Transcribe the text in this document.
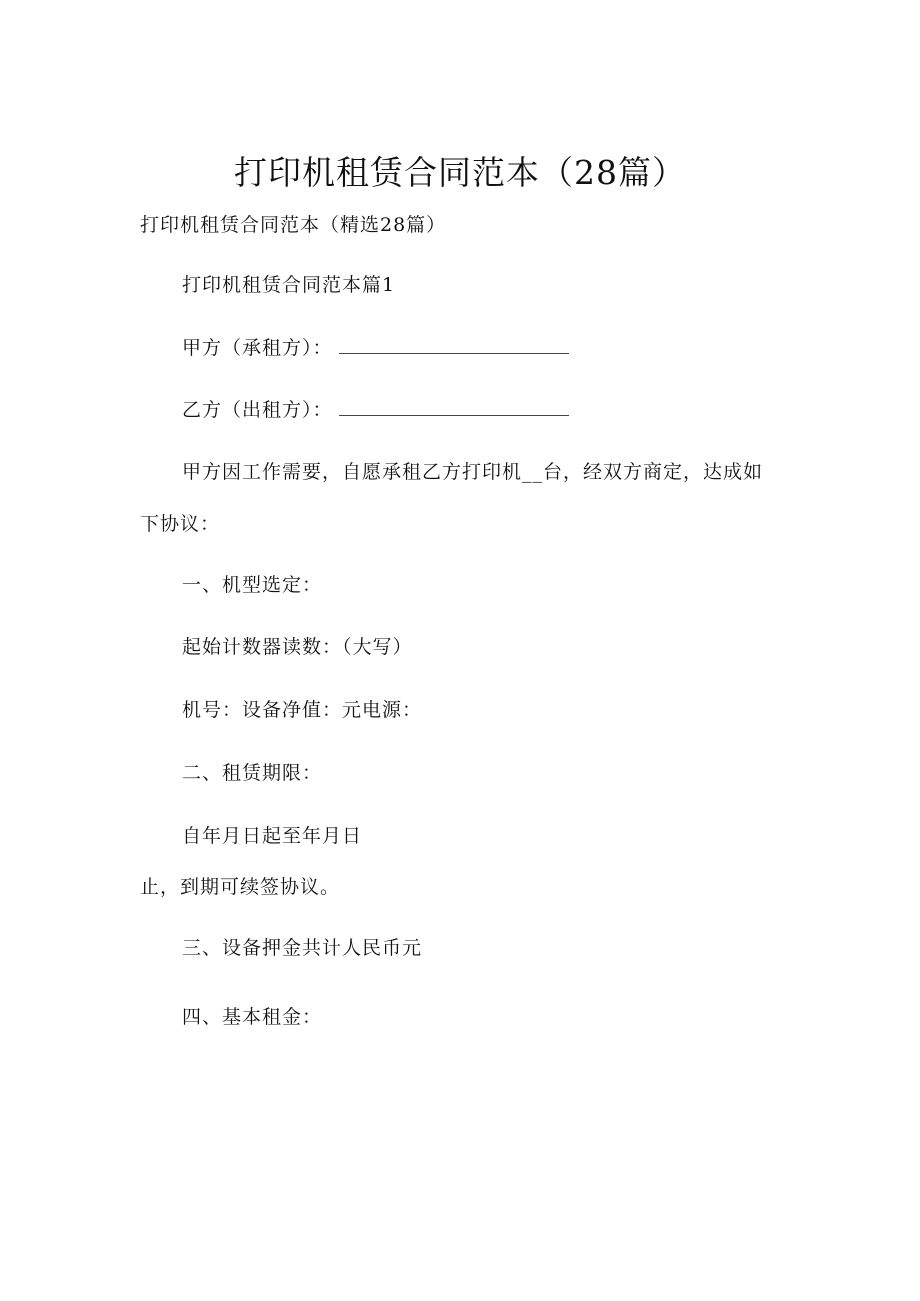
打印机租赁合同范本（28篇）
打印机租赁合同范本（精选28篇）
打印机租赁合同范本篇1
甲方（承租方）：
乙方（出租方）：
甲方因工作需要，自愿承租乙方打印机__台，经双方商定，达成如
下协议：
一、机型选定：
起始计数器读数：（大写）
机号：设备净值：元电源：
二、租赁期限：
自年月日起至年月日
止，到期可续签协议。
三、设备押金共计人民币元
四、基本租金：
